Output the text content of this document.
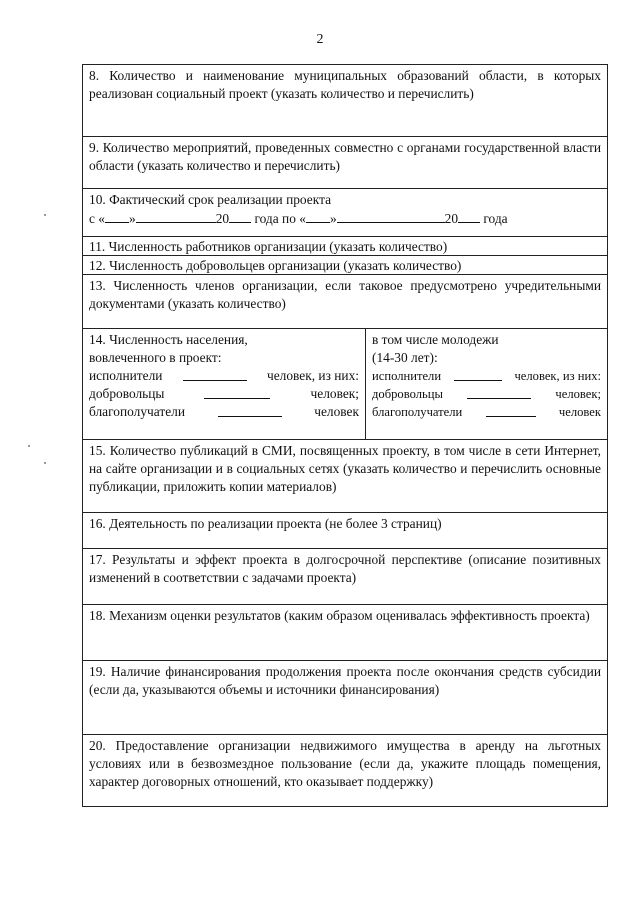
2
8. Количество и наименование муниципальных образований области, в которых реализован социальный проект (указать количество и перечислить)
9. Количество мероприятий, проведенных совместно с органами государственной власти области (указать количество и перечислить)
10. Фактический срок реализации проекта
с « »	20 года по « »	20 года
11. Численность работников организации (указать количество)
12. Численность добровольцев организации (указать количество)
13. Численность членов организации, если таковое предусмотрено учредительными документами (указать количество)
14. Численность населения,
вовлеченного в проект:
исполнители	человек, из них:
добровольцы	человек;
благополучатели	человек
в том числе молодежи
(14-30 лет):
исполнители	человек, из них:
добровольцы	человек;
благополучатели	человек
15. Количество публикаций в СМИ, посвященных проекту, в том числе в сети Интернет, на сайте организации и в социальных сетях (указать количество и перечислить основные публикации, приложить копии материалов)
16. Деятельность по реализации проекта (не более 3 страниц)
17. Результаты и эффект проекта в долгосрочной перспективе (описание позитивных изменений в соответствии с задачами проекта)
18. Механизм оценки результатов (каким образом оценивалась эффективность проекта)
19. Наличие финансирования продолжения проекта после окончания средств субсидии (если да, указываются объемы и источники финансирования)
20. Предоставление организации недвижимого имущества в аренду на льготных условиях или в безвозмездное пользование (если да, укажите площадь помещения, характер договорных отношений, кто оказывает поддержку)
